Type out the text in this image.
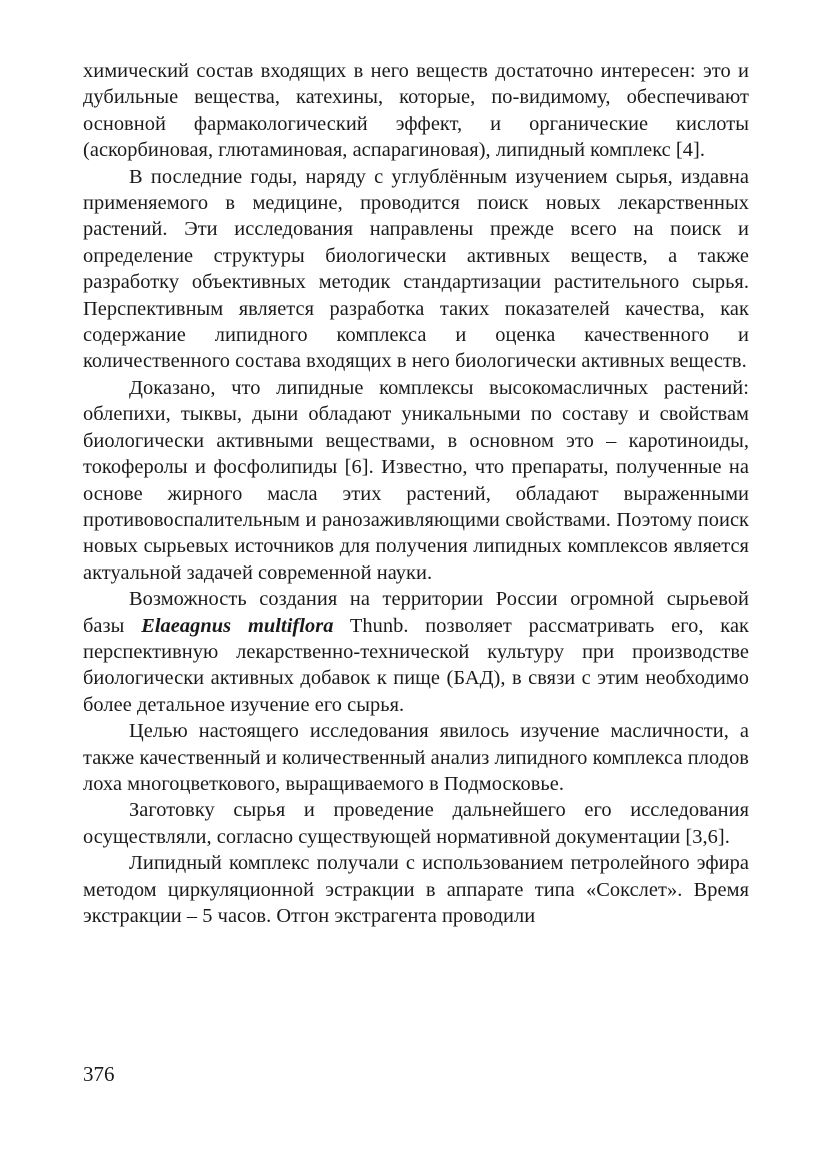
химический состав входящих в него веществ достаточно интересен: это и дубильные вещества, катехины, которые, по-видимому, обеспечивают основной фармакологический эффект, и органические кислоты (аскорбиновая, глютаминовая, аспарагиновая), липидный комплекс [4].

В последние годы, наряду с углублённым изучением сырья, издавна применяемого в медицине, проводится поиск новых лекарственных растений. Эти исследования направлены прежде всего на поиск и определение структуры биологически активных веществ, а также разработку объективных методик стандартизации растительного сырья. Перспективным является разработка таких показателей качества, как содержание липидного комплекса и оценка качественного и количественного состава входящих в него биологически активных веществ.

Доказано, что липидные комплексы высокомасличных растений: облепихи, тыквы, дыни обладают уникальными по составу и свойствам биологически активными веществами, в основном это – каротиноиды, токоферолы и фосфолипиды [6]. Известно, что препараты, полученные на основе жирного масла этих растений, обладают выраженными противовоспалительным и ранозаживляющими свойствами. Поэтому поиск новых сырьевых источников для получения липидных комплексов является актуальной задачей современной науки.

Возможность создания на территории России огромной сырьевой базы Elaeagnus multiflora Thunb. позволяет рассматривать его, как перспективную лекарственно-технической культуру при производстве биологически активных добавок к пище (БАД), в связи с этим необходимо более детальное изучение его сырья.

Целью настоящего исследования явилось изучение масличности, а также качественный и количественный анализ липидного комплекса плодов лоха многоцветкового, выращиваемого в Подмосковье.

Заготовку сырья и проведение дальнейшего его исследования осуществляли, согласно существующей нормативной документации [3,6].

Липидный комплекс получали с использованием петролейного эфира методом циркуляционной эстракции в аппарате типа «Сокслет». Время экстракции – 5 часов. Отгон экстрагента проводили

376
